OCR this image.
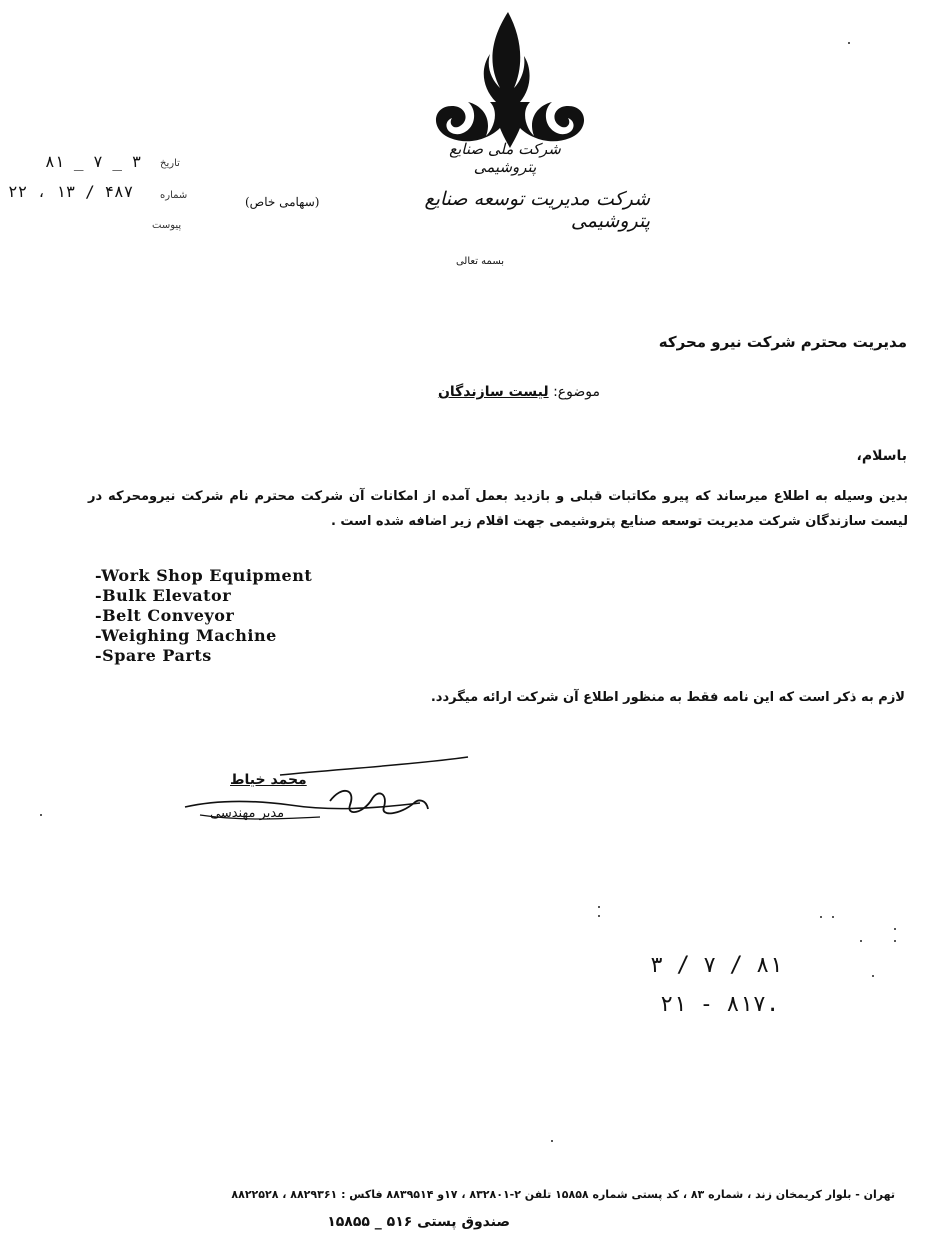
شرکت ملی صنایع پتروشیمی
شرکت مدیریت توسعه صنایع پتروشیمی
(سهامی خاص)
بسمه تعالی
۸۱ _ ۷ _ ۳ تاریخ
۲۲ ، ۱۳ / ۴۸۷	شماره
پیوست
مدیریت محترم شرکت نیرو محرکه
موضوع: لیست سازندگان
باسلام،
بدین وسیله به اطلاع میرساند که پیرو مکاتبات قبلی و بازدید بعمل آمده از امکانات آن شرکت محترم نام شرکت نیرومحرکه در لیست سازندگان شرکت مدیریت توسعه صنایع پتروشیمی جهت اقلام زیر اضافه شده است .
-Work Shop Equipment
-Bulk Elevator
-Belt Conveyor
-Weighing Machine
-Spare Parts
لازم به ذکر است که این نامه فقط به منظور اطلاع آن شرکت ارائه میگردد.
محمد خیاط
مدیر مهندسی
٨١ / ٧ / ٣
٨١٧ - ٢١.
تهران - بلوار کریمخان زند ، شماره ۸۳ ، کد پستی شماره ۱۵۸۵۸ تلفن ۲-۸۳۲۸۰۱ ، ۱۷و ۸۸۳۹۵۱۴ فاکس : ۸۸۲۹۳۶۱ ، ۸۸۲۲۵۲۸
صندوق پستی ۵۱۶ _ ۱۵۸۵۵
